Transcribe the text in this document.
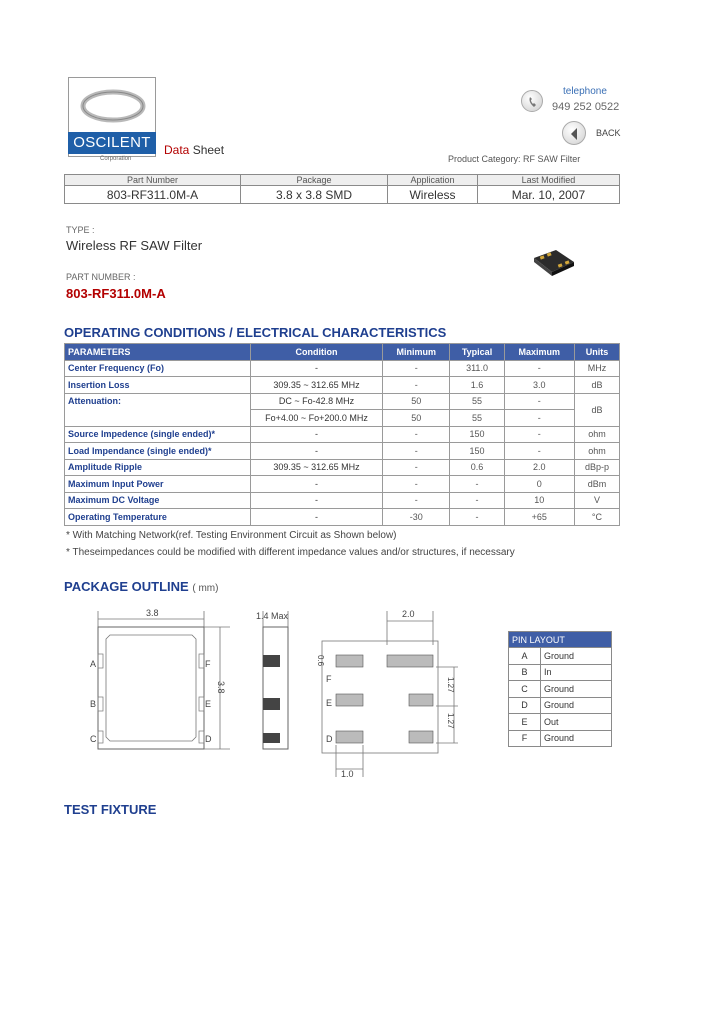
OSCILENT
Corporation
Data Sheet
telephone
949 252 0522
BACK
Product Category: RF SAW Filter
Part Number	Package	Application	Last Modified
803-RF311.0M-A	3.8 x 3.8 SMD	Wireless	Mar. 10, 2007
TYPE :
Wireless RF SAW Filter
PART NUMBER :
803-RF311.0M-A
OPERATING CONDITIONS / ELECTRICAL CHARACTERISTICS
PARAMETERS	Condition	Minimum	Typical	Maximum	Units
Center Frequency (Fo)	-	-	311.0	-	MHz
Insertion Loss	309.35 ~ 312.65 MHz	-	1.6	3.0	dB
Attenuation:	DC ~ Fo-42.8 MHz	50	55	-	dB
	Fo+4.00 ~ Fo+200.0 MHz	50	55	-	
Source Impedence (single ended)*	-	-	150	-	ohm
Load Impendance (single ended)*	-	-	150	-	ohm
Amplitude Ripple	309.35 ~ 312.65 MHz	-	0.6	2.0	dBp-p
Maximum Input Power	-	-	-	0	dBm
Maximum DC Voltage	-	-	-	10	V
Operating Temperature	-	-30	-	+65	°C
* With Matching Network(ref. Testing Environment Circuit as Shown below)
* Theseimpedances could be modified with different impedance values and/or structures, if necessary
PACKAGE OUTLINE ( mm)
3.8
A
B
C
F
E
D
3.8
1.4 Max	2.0
F
E
D
0.6
1.27
1.27
1.0
PIN LAYOUT	
A	Ground
B	In
C	Ground
D	Ground
E	Out
F	Ground
TEST FIXTURE
